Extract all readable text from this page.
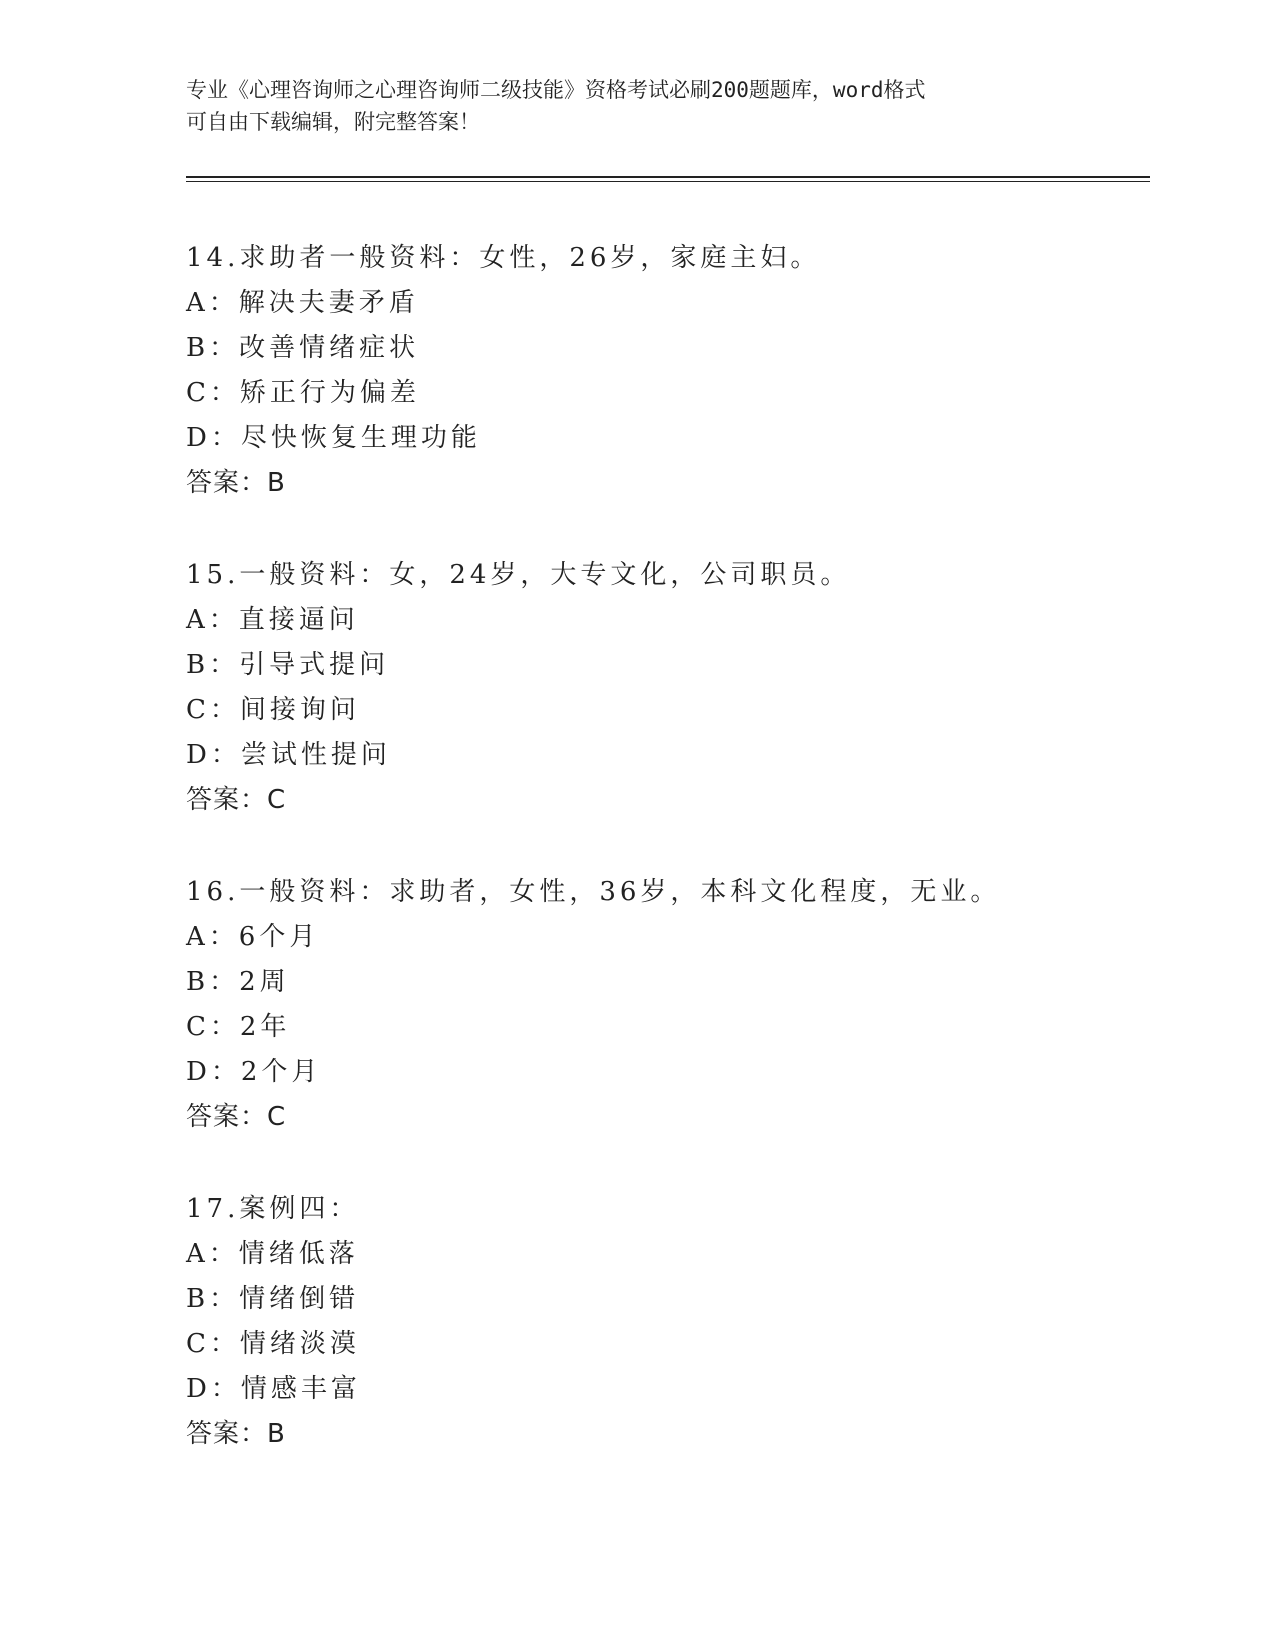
专业《心理咨询师之心理咨询师二级技能》资格考试必刷200题题库，word格式
可自由下载编辑，附完整答案！
14.求助者一般资料：女性，26岁，家庭主妇。
A：解决夫妻矛盾
B：改善情绪症状
C：矫正行为偏差
D：尽快恢复生理功能
答案：B
15.一般资料：女，24岁，大专文化，公司职员。
A：直接逼问
B：引导式提问
C：间接询问
D：尝试性提问
答案：C
16.一般资料：求助者，女性，36岁，本科文化程度，无业。
A：6个月
B：2周
C：2年
D：2个月
答案：C
17.案例四：
A：情绪低落
B：情绪倒错
C：情绪淡漠
D：情感丰富
答案：B
